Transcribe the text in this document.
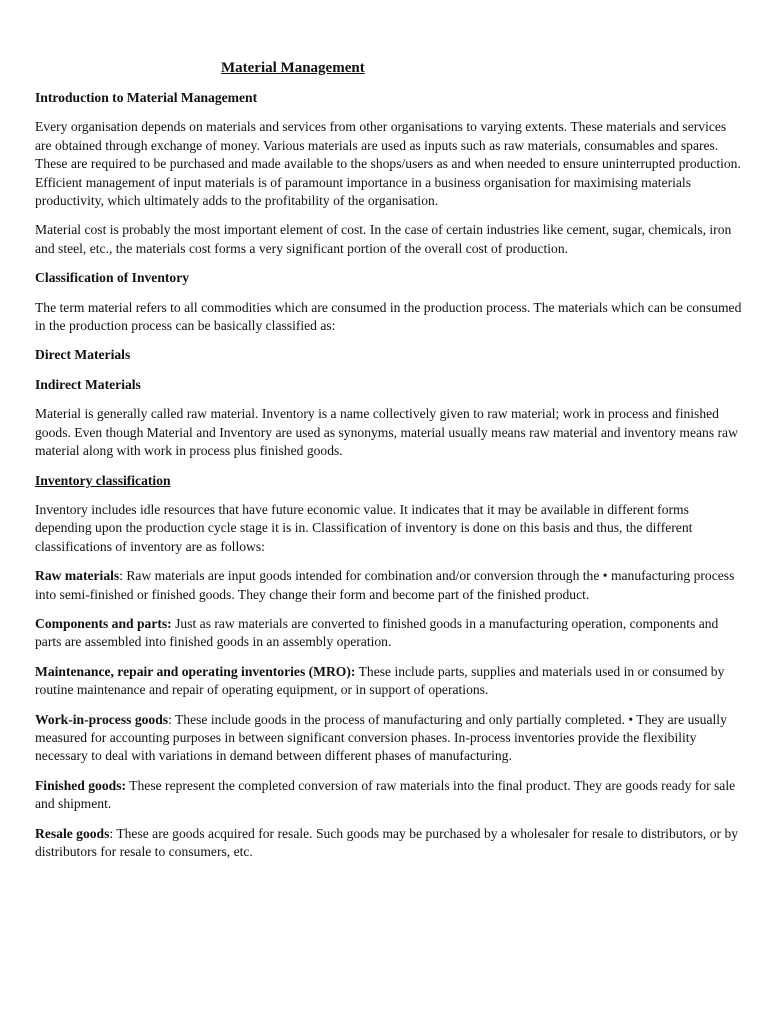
Material Management
Introduction to Material Management

Every organisation depends on materials and services from other organisations to varying extents. These materials and services are obtained through exchange of money. Various materials are used as inputs such as raw materials, consumables and spares. These are required to be purchased and made available to the shops/users as and when needed to ensure uninterrupted production. Efficient management of input materials is of paramount importance in a business organisation for maximising materials productivity, which ultimately adds to the profitability of the organisation.

Material cost is probably the most important element of cost. In the case of certain industries like cement, sugar, chemicals, iron and steel, etc., the materials cost forms a very significant portion of the overall cost of production.

Classification of Inventory

The term material refers to all commodities which are consumed in the production process. The materials which can be consumed in the production process can be basically classified as:

Direct Materials
Indirect Materials

Material is generally called raw material. Inventory is a name collectively given to raw material; work in process and finished goods. Even though Material and Inventory are used as synonyms, material usually means raw material and inventory means raw material along with work in process plus finished goods.

Inventory classification

Inventory includes idle resources that have future economic value. It indicates that it may be available in different forms depending upon the production cycle stage it is in. Classification of inventory is done on this basis and thus, the different classifications of inventory are as follows:

Raw materials: Raw materials are input goods intended for combination and/or conversion through the • manufacturing process into semi-finished or finished goods. They change their form and become part of the finished product.

Components and parts: Just as raw materials are converted to finished goods in a manufacturing operation, components and parts are assembled into finished goods in an assembly operation.

Maintenance, repair and operating inventories (MRO): These include parts, supplies and materials used in or consumed by routine maintenance and repair of operating equipment, or in support of operations.

Work-in-process goods: These include goods in the process of manufacturing and only partially completed. • They are usually measured for accounting purposes in between significant conversion phases. In-process inventories provide the flexibility necessary to deal with variations in demand between different phases of manufacturing.

Finished goods: These represent the completed conversion of raw materials into the final product. They are goods ready for sale and shipment.

Resale goods: These are goods acquired for resale. Such goods may be purchased by a wholesaler for resale to distributors, or by distributors for resale to consumers, etc.
